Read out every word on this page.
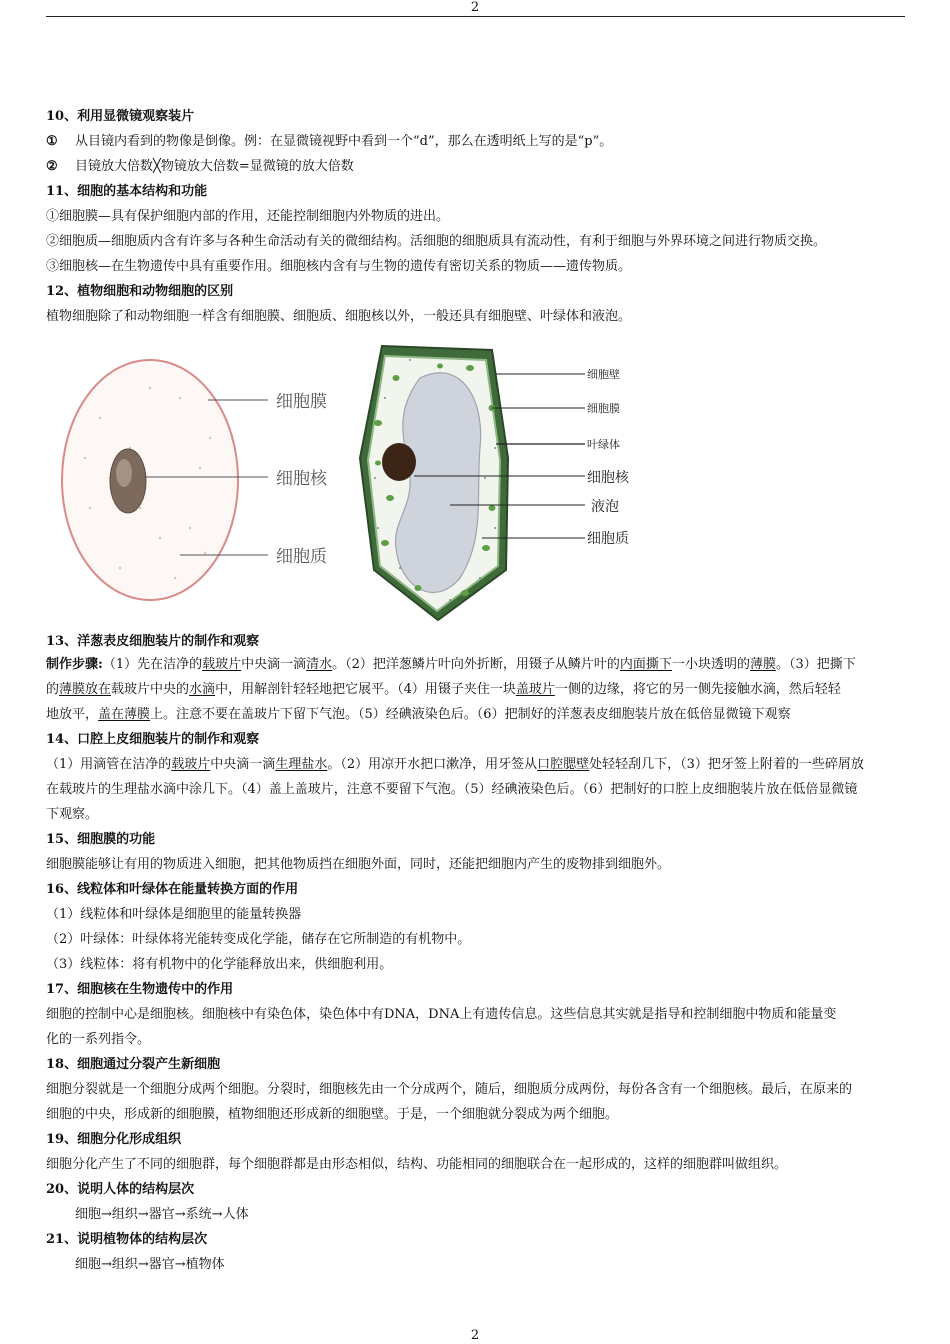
2
10、利用显微镜观察装片
① 从目镜内看到的物像是倒像。例：在显微镜视野中看到一个“d”，那么在透明纸上写的是“p”。
② 目镜放大倍数╳物镜放大倍数=显微镜的放大倍数
11、细胞的基本结构和功能
①细胞膜—具有保护细胞内部的作用，还能控制细胞内外物质的进出。
②细胞质—细胞质内含有许多与各种生命活动有关的微细结构。活细胞的细胞质具有流动性，有利于细胞与外界环境之间进行物质交换。
③细胞核—在生物遗传中具有重要作用。细胞核内含有与生物的遗传有密切关系的物质——遗传物质。
12、植物细胞和动物细胞的区别
植物细胞除了和动物细胞一样含有细胞膜、细胞质、细胞核以外，一般还具有细胞壁、叶绿体和液泡。
细胞膜
细胞核
细胞质
细胞壁
细胞膜
叶绿体
细胞核
液泡
细胞质
13、洋葱表皮细胞装片的制作和观察
制作步骤:（1）先在洁净的载玻片中央滴一滴清水。（2）把洋葱鳞片叶向外折断，用镊子从鳞片叶的内面撕下一小块透明的薄膜。（3）把撕下
的薄膜放在载玻片中央的水滴中，用解剖针轻轻地把它展平。（4）用镊子夹住一块盖玻片一侧的边缘，将它的另一侧先接触水滴，然后轻轻
地放平，盖在薄膜上。注意不要在盖玻片下留下气泡。（5）经碘液染色后。（6）把制好的洋葱表皮细胞装片放在低倍显微镜下观察
14、口腔上皮细胞装片的制作和观察
（1）用滴管在洁净的载玻片中央滴一滴生理盐水。（2）用凉开水把口漱净，用牙签从口腔腮壁处轻轻刮几下，（3）把牙签上附着的一些碎屑放
在载玻片的生理盐水滴中涂几下。（4）盖上盖玻片，注意不要留下气泡。（5）经碘液染色后。（6）把制好的口腔上皮细胞装片放在低倍显微镜
下观察。
15、细胞膜的功能
细胞膜能够让有用的物质进入细胞，把其他物质挡在细胞外面，同时，还能把细胞内产生的废物排到细胞外。
16、线粒体和叶绿体在能量转换方面的作用
（1）线粒体和叶绿体是细胞里的能量转换器
（2）叶绿体：叶绿体将光能转变成化学能，储存在它所制造的有机物中。
（3）线粒体：将有机物中的化学能释放出来，供细胞利用。
17、细胞核在生物遗传中的作用
细胞的控制中心是细胞核。细胞核中有染色体，染色体中有DNA，DNA上有遗传信息。这些信息其实就是指导和控制细胞中物质和能量变
化的一系列指令。
18、细胞通过分裂产生新细胞
细胞分裂就是一个细胞分成两个细胞。分裂时，细胞核先由一个分成两个，随后，细胞质分成两份，每份各含有一个细胞核。最后，在原来的
细胞的中央，形成新的细胞膜，植物细胞还形成新的细胞壁。于是，一个细胞就分裂成为两个细胞。
19、细胞分化形成组织
细胞分化产生了不同的细胞群，每个细胞群都是由形态相似，结构、功能相同的细胞联合在一起形成的，这样的细胞群叫做组织。
20、说明人体的结构层次
细胞→组织→器官→系统→人体
21、说明植物体的结构层次
细胞→组织→器官→植物体
2
